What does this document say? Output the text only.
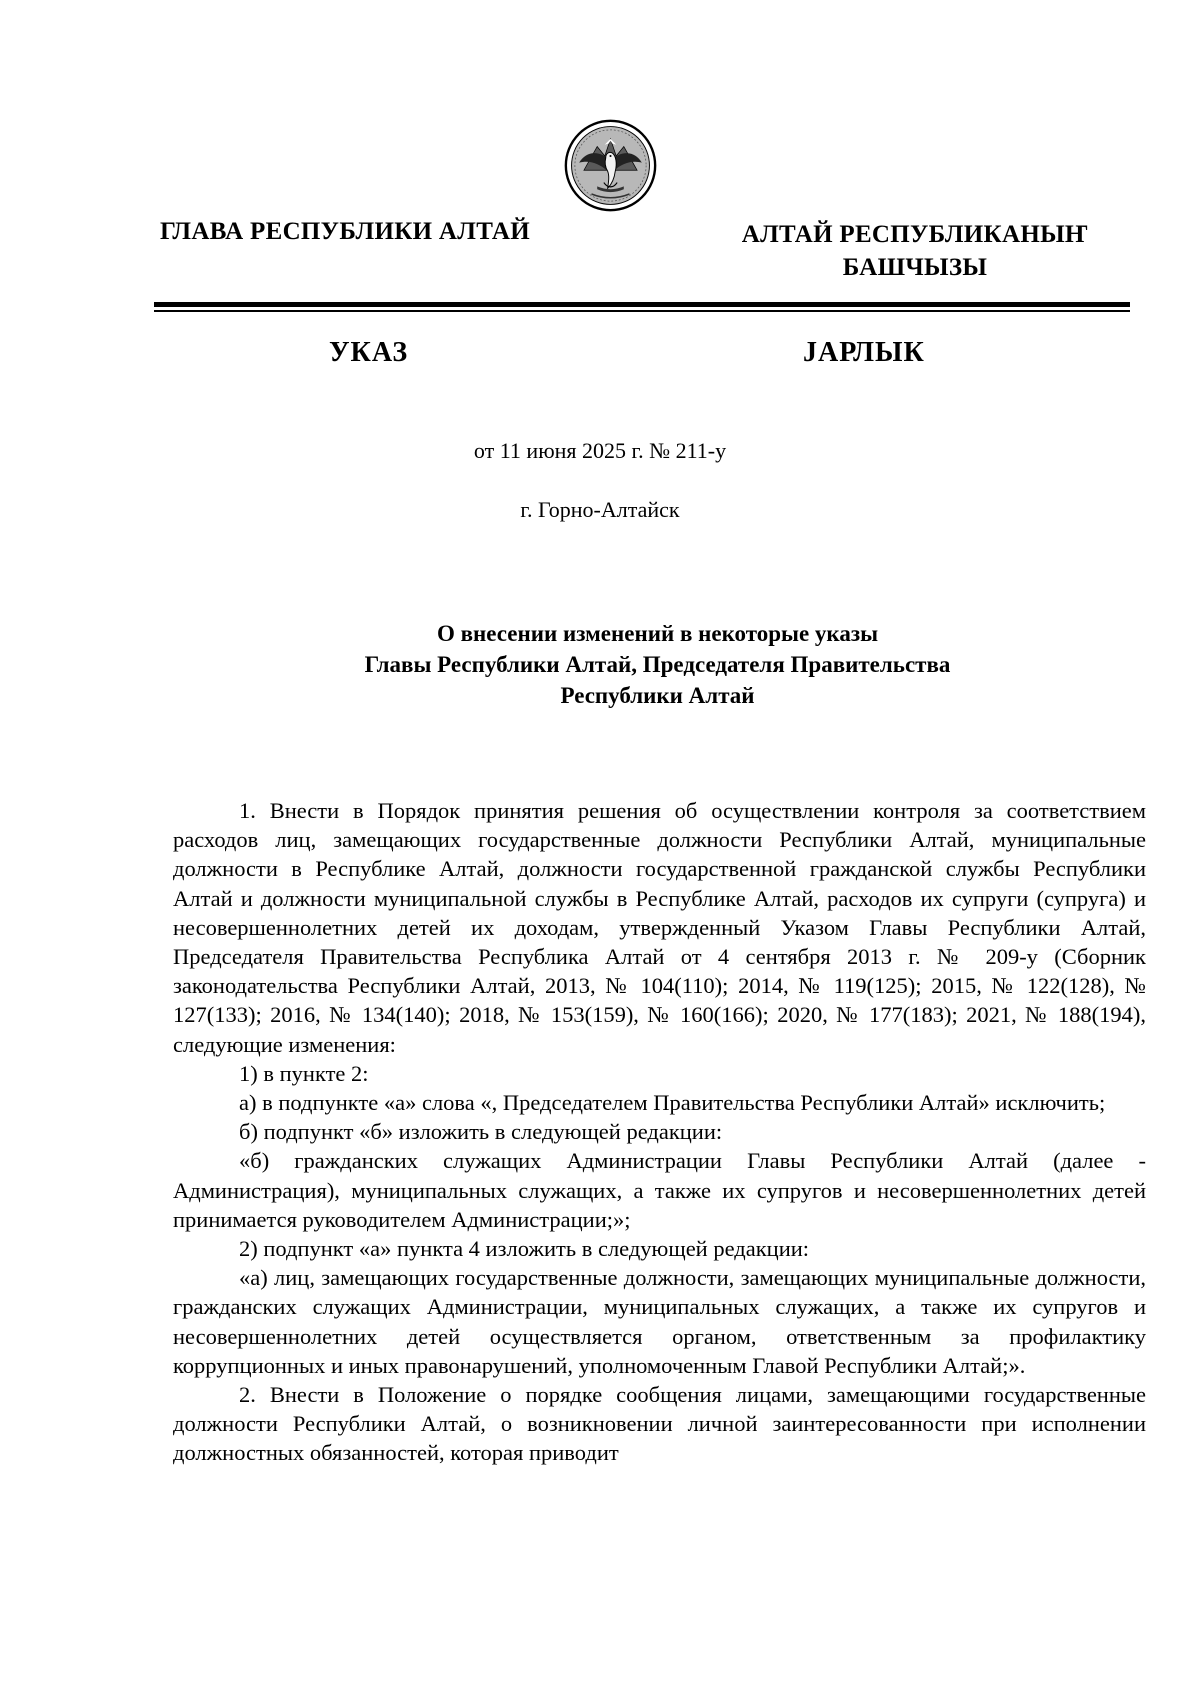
ГЛАВА РЕСПУБЛИКИ АЛТАЙ	АЛТАЙ РЕСПУБЛИКАНЫҤ
БАШЧЫЗЫ
УКАЗ	ЈАРЛЫК
от 11 июня 2025 г. № 211-у
г. Горно-Алтайск
О внесении изменений в некоторые указы
Главы Республики Алтай, Председателя Правительства
Республики Алтай

1. Внести в Порядок принятия решения об осуществлении контроля за соответствием расходов лиц, замещающих государственные должности Республики Алтай, муниципальные должности в Республике Алтай, должности государственной гражданской службы Республики Алтай и должности муниципальной службы в Республике Алтай, расходов их супруги (супруга) и несовершеннолетних детей их доходам, утвержденный Указом Главы Республики Алтай, Председателя Правительства Республика Алтай от 4 сентября 2013 г. № 209-у (Сборник законодательства Республики Алтай, 2013, № 104(110); 2014, № 119(125); 2015, № 122(128), № 127(133); 2016, № 134(140); 2018, № 153(159), № 160(166); 2020, № 177(183); 2021, № 188(194), следующие изменения:

1) в пункте 2:

а) в подпункте «а» слова «, Председателем Правительства Республики Алтай» исключить;

б) подпункт «б» изложить в следующей редакции:

«б) гражданских служащих Администрации Главы Республики Алтай (далее - Администрация), муниципальных служащих, а также их супругов и несовершеннолетних детей принимается руководителем Администрации;»;

2) подпункт «а» пункта 4 изложить в следующей редакции:

«а) лиц, замещающих государственные должности, замещающих муниципальные должности, гражданских служащих Администрации, муниципальных служащих, а также их супругов и несовершеннолетних детей осуществляется органом, ответственным за профилактику коррупционных и иных правонарушений, уполномоченным Главой Республики Алтай;».

2. Внести в Положение о порядке сообщения лицами, замещающими государственные должности Республики Алтай, о возникновении личной заинтересованности при исполнении должностных обязанностей, которая приводит
